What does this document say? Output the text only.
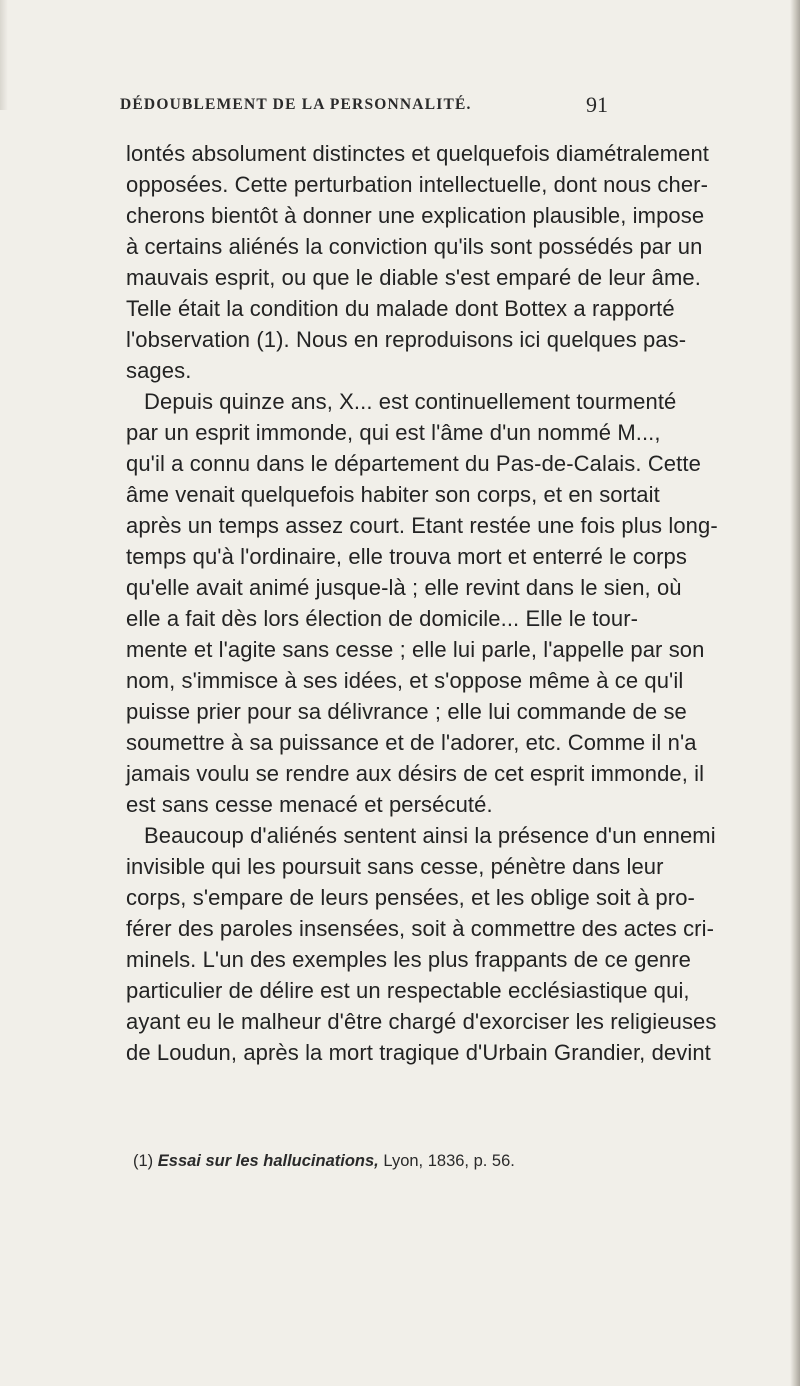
DÉDOUBLEMENT DE LA PERSONNALITÉ.	91
lontés absolument distinctes et quelquefois diamétralement
opposées. Cette perturbation intellectuelle, dont nous cher-
cherons bientôt à donner une explication plausible, impose
à certains aliénés la conviction qu'ils sont possédés par un
mauvais esprit, ou que le diable s'est emparé de leur âme.
Telle était la condition du malade dont Bottex a rapporté
l'observation (1). Nous en reproduisons ici quelques pas-
sages.
Depuis quinze ans, X... est continuellement tourmenté
par un esprit immonde, qui est l'âme d'un nommé M...,
qu'il a connu dans le département du Pas-de-Calais. Cette
âme venait quelquefois habiter son corps, et en sortait
après un temps assez court. Etant restée une fois plus long-
temps qu'à l'ordinaire, elle trouva mort et enterré le corps
qu'elle avait animé jusque-là ; elle revint dans le sien, où
elle a fait dès lors élection de domicile... Elle le tour-
mente et l'agite sans cesse ; elle lui parle, l'appelle par son
nom, s'immisce à ses idées, et s'oppose même à ce qu'il
puisse prier pour sa délivrance ; elle lui commande de se
soumettre à sa puissance et de l'adorer, etc. Comme il n'a
jamais voulu se rendre aux désirs de cet esprit immonde, il
est sans cesse menacé et persécuté.
Beaucoup d'aliénés sentent ainsi la présence d'un ennemi
invisible qui les poursuit sans cesse, pénètre dans leur
corps, s'empare de leurs pensées, et les oblige soit à pro-
férer des paroles insensées, soit à commettre des actes cri-
minels. L'un des exemples les plus frappants de ce genre
particulier de délire est un respectable ecclésiastique qui,
ayant eu le malheur d'être chargé d'exorciser les religieuses
de Loudun, après la mort tragique d'Urbain Grandier, devint
(1) Essai sur les hallucinations, Lyon, 1836, p. 56.
